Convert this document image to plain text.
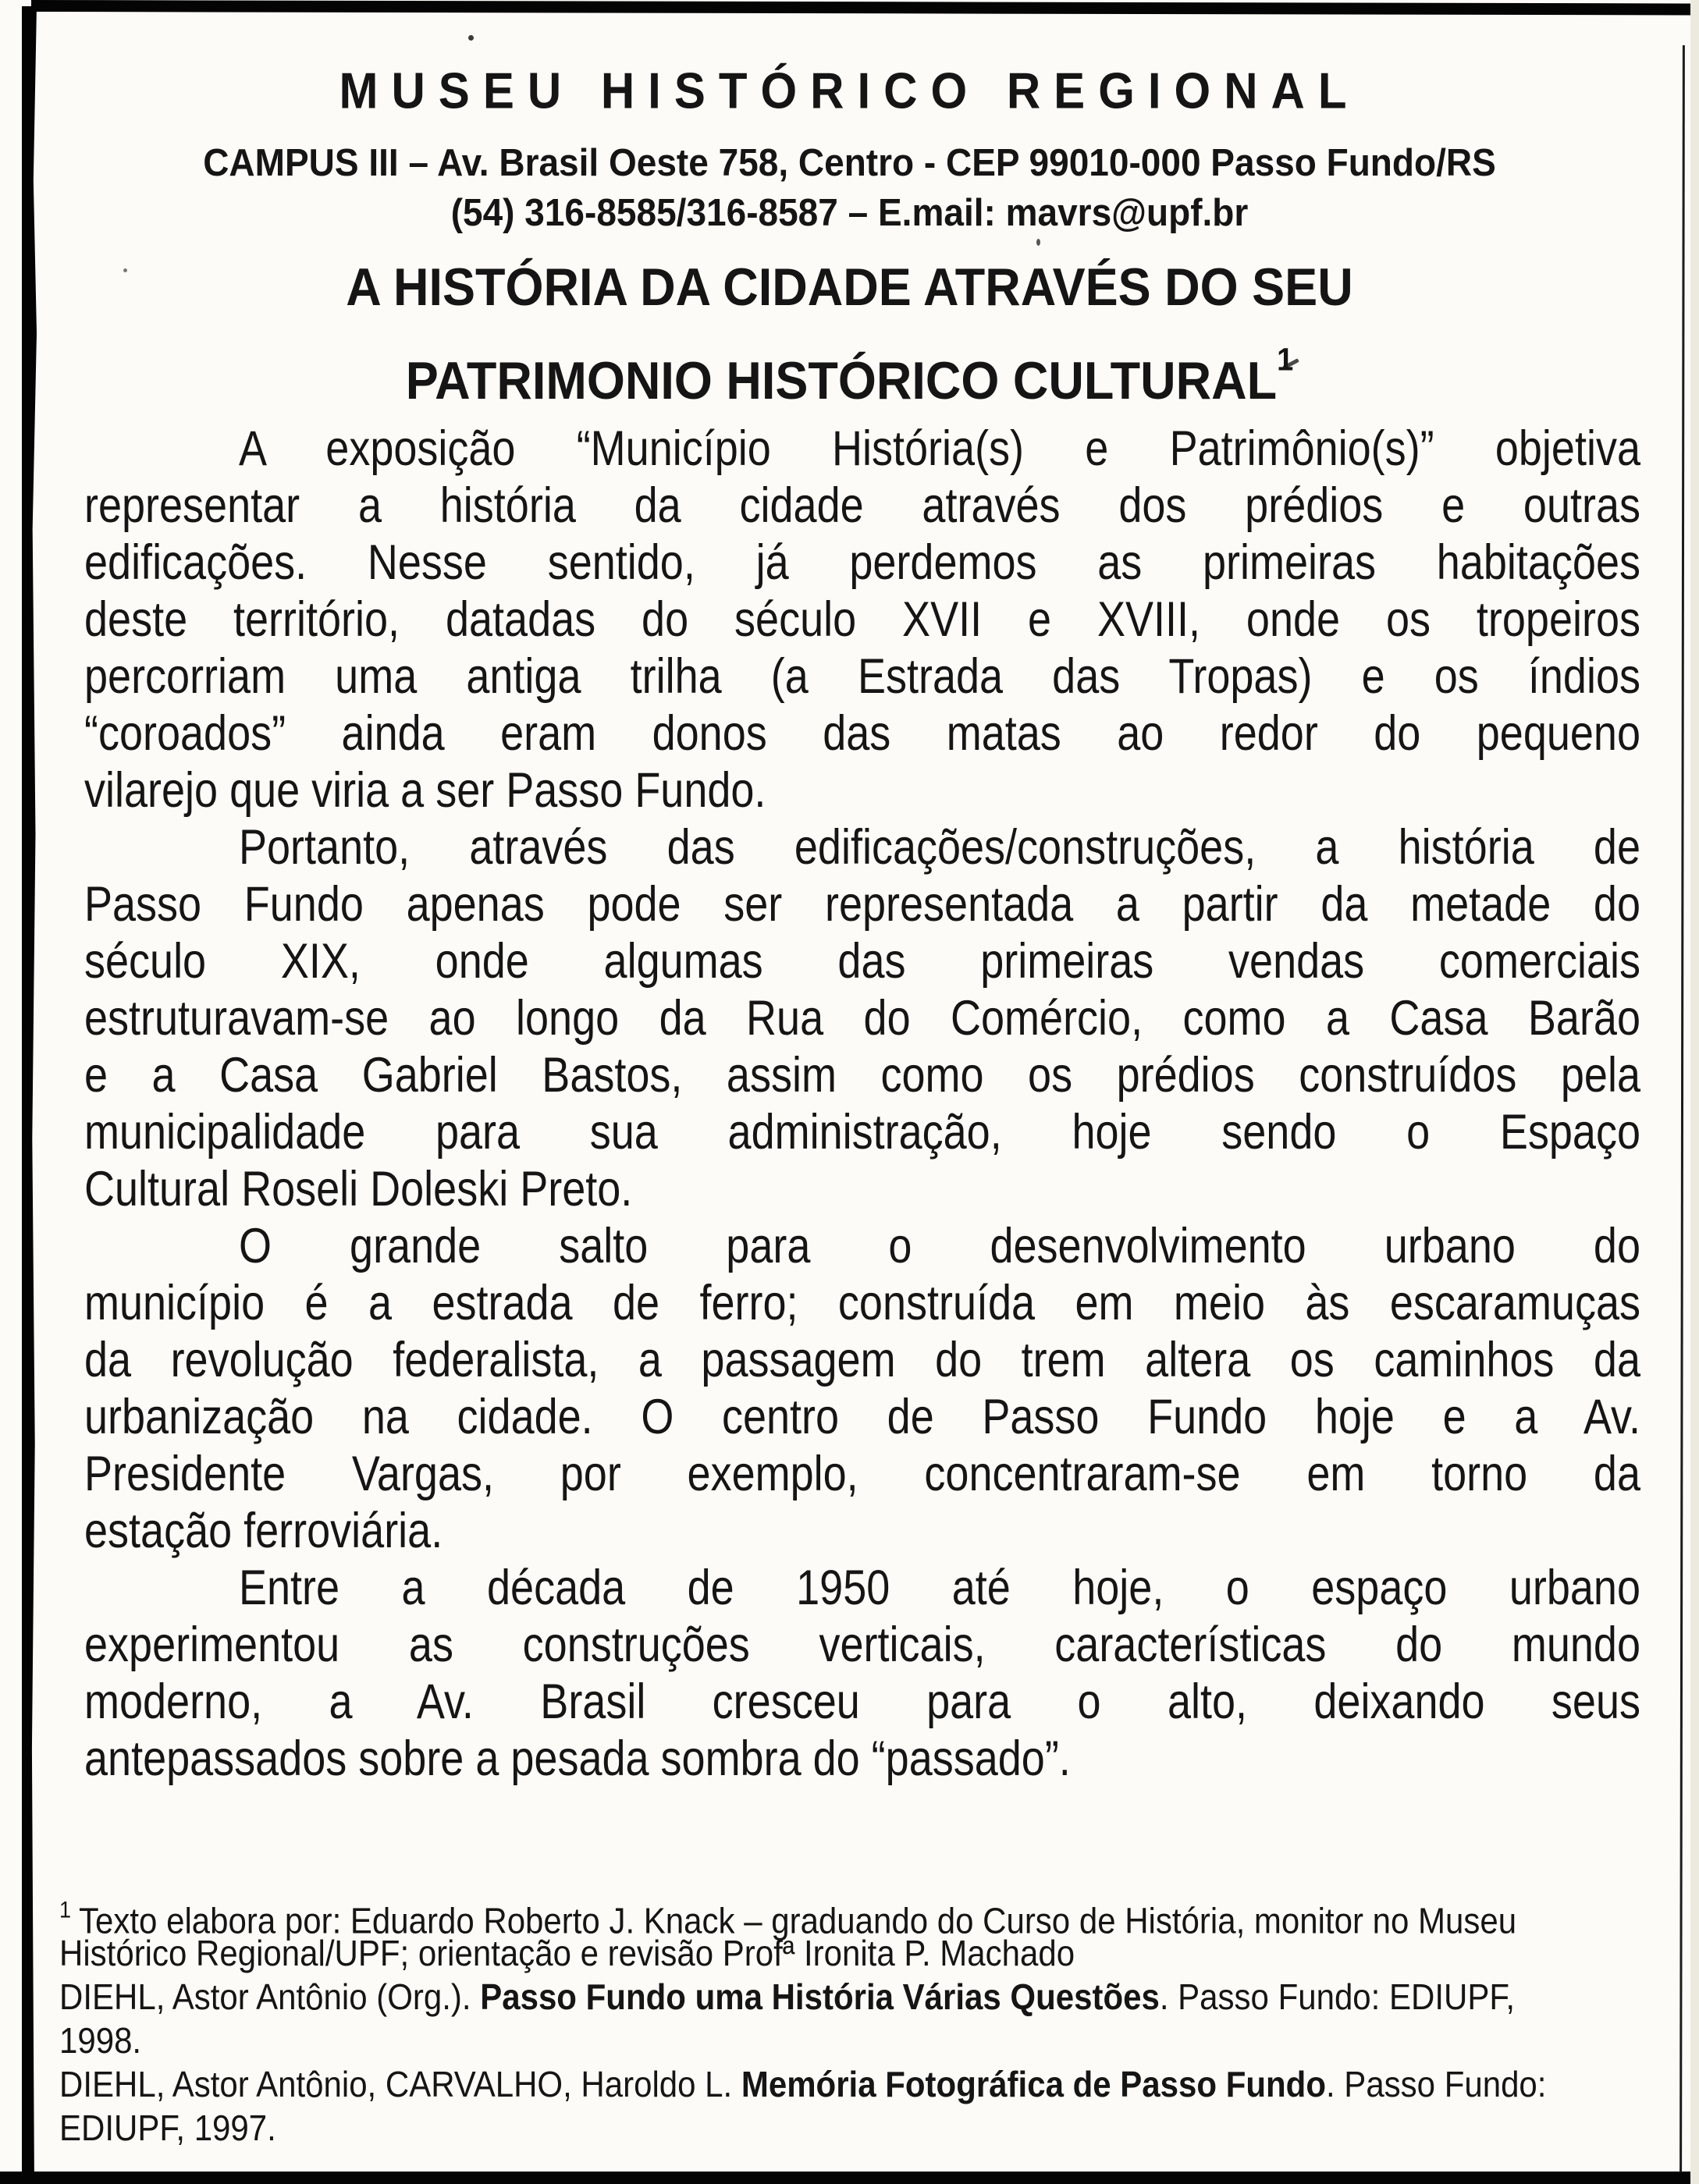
MUSEU HISTÓRICO REGIONAL
CAMPUS III – Av. Brasil Oeste 758, Centro - CEP 99010-000 Passo Fundo/RS
(54) 316-8585/316-8587 – E.mail: mavrs@upf.br
A HISTÓRIA DA CIDADE ATRAVÉS DO SEU
PATRIMONIO HISTÓRICO CULTURAL$^1$
A exposição “Município História(s) e Patrimônio(s)” objetiva
representar a história da cidade através dos prédios e outras
edificações. Nesse sentido, já perdemos as primeiras habitações
deste território, datadas do século XVII e XVIII, onde os tropeiros
percorriam uma antiga trilha (a Estrada das Tropas) e os índios
“coroados” ainda eram donos das matas ao redor do pequeno
vilarejo que viria a ser Passo Fundo.
Portanto, através das edificações/construções, a história de
Passo Fundo apenas pode ser representada a partir da metade do
século XIX, onde algumas das primeiras vendas comerciais
estruturavam-se ao longo da Rua do Comércio, como a Casa Barão
e a Casa Gabriel Bastos, assim como os prédios construídos pela
municipalidade para sua administração, hoje sendo o Espaço
Cultural Roseli Doleski Preto.
O grande salto para o desenvolvimento urbano do
município é a estrada de ferro; construída em meio às escaramuças
da revolução federalista, a passagem do trem altera os caminhos da
urbanização na cidade. O centro de Passo Fundo hoje e a Av.
Presidente Vargas, por exemplo, concentraram-se em torno da
estação ferroviária.
Entre a década de 1950 até hoje, o espaço urbano
experimentou as construções verticais, características do mundo
moderno, a Av. Brasil cresceu para o alto, deixando seus
antepassados sobre a pesada sombra do “passado”.
$^1$ Texto elabora por: Eduardo Roberto J. Knack – graduando do Curso de História, monitor no Museu
Histórico Regional/UPF; orientação e revisão Profª Ironita P. Machado
DIEHL, Astor Antônio (Org.). Passo Fundo uma História Várias Questões. Passo Fundo: EDIUPF,
1998.
DIEHL, Astor Antônio, CARVALHO, Haroldo L. Memória Fotográfica de Passo Fundo. Passo Fundo:
EDIUPF, 1997.
